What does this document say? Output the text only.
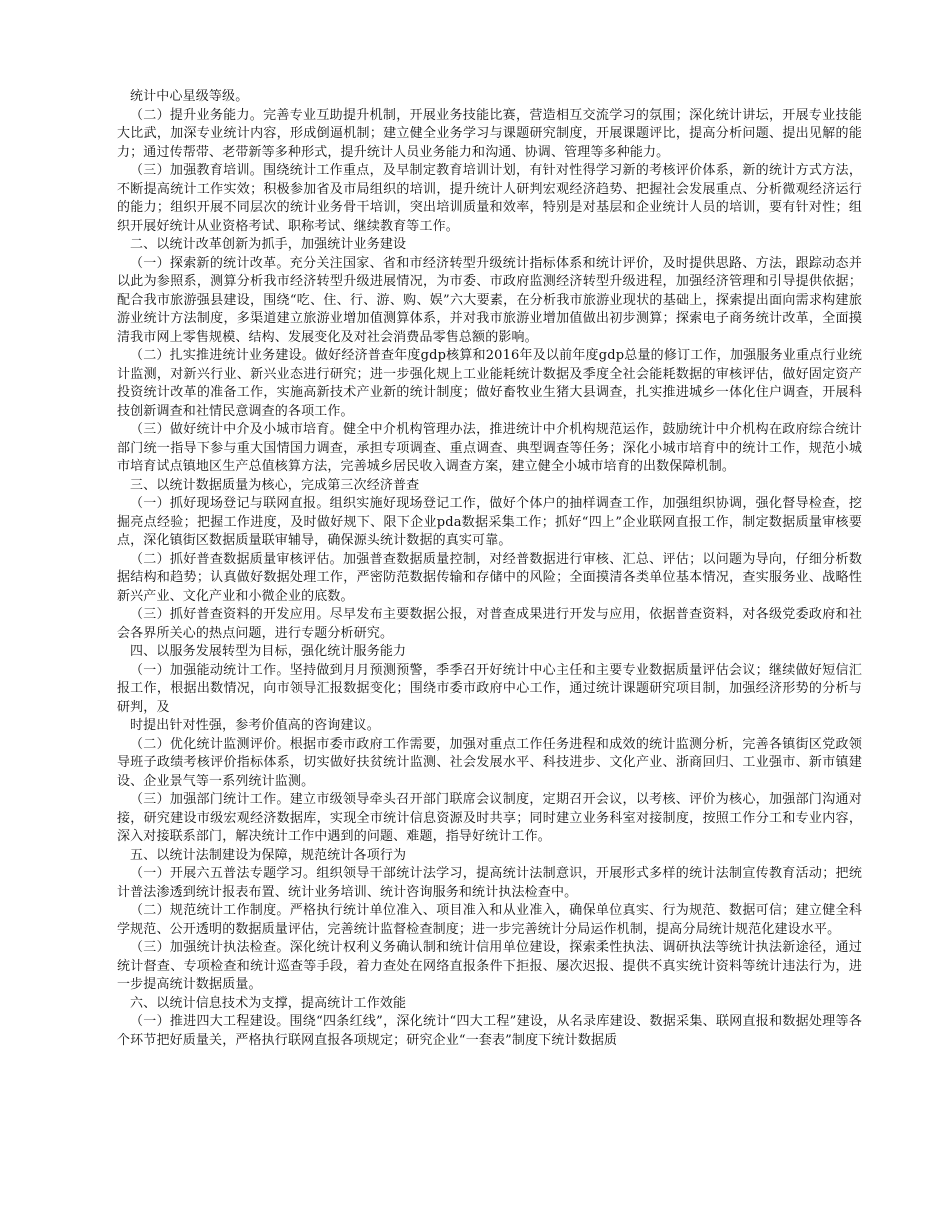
统计中心星级等级。

（二）提升业务能力。完善专业互助提升机制，开展业务技能比赛，营造相互交流学习的氛围；深化统计讲坛，开展专业技能大比武，加深专业统计内容，形成倒逼机制；建立健全业务学习与课题研究制度，开展课题评比，提高分析问题、提出见解的能力；通过传帮带、老带新等多种形式，提升统计人员业务能力和沟通、协调、管理等多种能力。

（三）加强教育培训。围绕统计工作重点，及早制定教育培训计划，有针对性得学习新的考核评价体系，新的统计方式方法，不断提高统计工作实效；积极参加省及市局组织的培训，提升统计人研判宏观经济趋势、把握社会发展重点、分析微观经济运行的能力；组织开展不同层次的统计业务骨干培训，突出培训质量和效率，特别是对基层和企业统计人员的培训，要有针对性；组织开展好统计从业资格考试、职称考试、继续教育等工作。

二、以统计改革创新为抓手，加强统计业务建设

（一）探索新的统计改革。充分关注国家、省和市经济转型升级统计指标体系和统计评价，及时提供思路、方法，跟踪动态并以此为参照系，测算分析我市经济转型升级进展情况，为市委、市政府监测经济转型升级进程，加强经济管理和引导提供依据；配合我市旅游强县建设，围绕“吃、住、行、游、购、娱”六大要素，在分析我市旅游业现状的基础上，探索提出面向需求构建旅游业统计方法制度，多渠道建立旅游业增加值测算体系，并对我市旅游业增加值做出初步测算；探索电子商务统计改革，全面摸清我市网上零售规模、结构、发展变化及对社会消费品零售总额的影响。

（二）扎实推进统计业务建设。做好经济普查年度gdp核算和2016年及以前年度gdp总量的修订工作，加强服务业重点行业统计监测，对新兴行业、新兴业态进行研究；进一步强化规上工业能耗统计数据及季度全社会能耗数据的审核评估，做好固定资产投资统计改革的准备工作，实施高新技术产业新的统计制度；做好畜牧业生猪大县调查，扎实推进城乡一体化住户调查，开展科技创新调查和社情民意调查的各项工作。

（三）做好统计中介及小城市培育。健全中介机构管理办法，推进统计中介机构规范运作，鼓励统计中介机构在政府综合统计部门统一指导下参与重大国情国力调查，承担专项调查、重点调查、典型调查等任务；深化小城市培育中的统计工作，规范小城市培育试点镇地区生产总值核算方法，完善城乡居民收入调查方案，建立健全小城市培育的出数保障机制。

三、以统计数据质量为核心，完成第三次经济普查

（一）抓好现场登记与联网直报。组织实施好现场登记工作，做好个体户的抽样调查工作，加强组织协调，强化督导检查，挖掘亮点经验；把握工作进度，及时做好规下、限下企业pda数据采集工作；抓好“四上”企业联网直报工作，制定数据质量审核要点，深化镇街区数据质量联审辅导，确保源头统计数据的真实可靠。

（二）抓好普查数据质量审核评估。加强普查数据质量控制，对经普数据进行审核、汇总、评估；以问题为导向，仔细分析数据结构和趋势；认真做好数据处理工作，严密防范数据传输和存储中的风险；全面摸清各类单位基本情况，查实服务业、战略性新兴产业、文化产业和小微企业的底数。

（三）抓好普查资料的开发应用。尽早发布主要数据公报，对普查成果进行开发与应用，依据普查资料，对各级党委政府和社会各界所关心的热点问题，进行专题分析研究。

四、以服务发展转型为目标，强化统计服务能力

（一）加强能动统计工作。坚持做到月月预测预警，季季召开好统计中心主任和主要专业数据质量评估会议；继续做好短信汇报工作，根据出数情况，向市领导汇报数据变化；围绕市委市政府中心工作，通过统计课题研究项目制，加强经济形势的分析与研判，及

时提出针对性强，参考价值高的咨询建议。

（二）优化统计监测评价。根据市委市政府工作需要，加强对重点工作任务进程和成效的统计监测分析，完善各镇街区党政领导班子政绩考核评价指标体系，切实做好扶贫统计监测、社会发展水平、科技进步、文化产业、浙商回归、工业强市、新市镇建设、企业景气等一系列统计监测。

（三）加强部门统计工作。建立市级领导牵头召开部门联席会议制度，定期召开会议，以考核、评价为核心，加强部门沟通对接，研究建设市级宏观经济数据库，实现全市统计信息资源及时共享；同时建立业务科室对接制度，按照工作分工和专业内容，深入对接联系部门，解决统计工作中遇到的问题、难题，指导好统计工作。

五、以统计法制建设为保障，规范统计各项行为

（一）开展六五普法专题学习。组织领导干部统计法学习，提高统计法制意识，开展形式多样的统计法制宣传教育活动；把统计普法渗透到统计报表布置、统计业务培训、统计咨询服务和统计执法检查中。

（二）规范统计工作制度。严格执行统计单位准入、项目准入和从业准入，确保单位真实、行为规范、数据可信；建立健全科学规范、公开透明的数据质量评估，完善统计监督检查制度；进一步完善统计分局运作机制，提高分局统计规范化建设水平。

（三）加强统计执法检查。深化统计权利义务确认制和统计信用单位建设，探索柔性执法、调研执法等统计执法新途径，通过统计督查、专项检查和统计巡查等手段，着力查处在网络直报条件下拒报、屡次迟报、提供不真实统计资料等统计违法行为，进一步提高统计数据质量。

六、以统计信息技术为支撑，提高统计工作效能

（一）推进四大工程建设。围绕“四条红线”，深化统计“四大工程”建设，从名录库建设、数据采集、联网直报和数据处理等各个环节把好质量关，严格执行联网直报各项规定；研究企业“一套表”制度下统计数据质
